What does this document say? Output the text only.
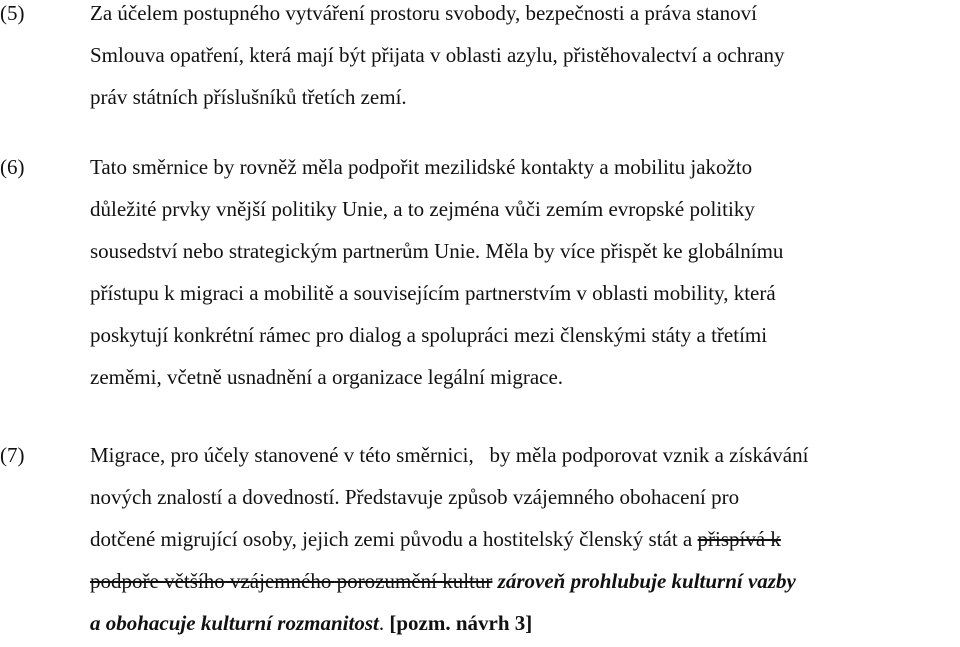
(5)	Za účelem postupného vytváření prostoru svobody, bezpečnosti a práva stanoví
Smlouva opatření, která mají být přijata v oblasti azylu, přistěhovalectví a ochrany
práv státních příslušníků třetích zemí.
(6)	Tato směrnice by rovněž měla podpořit mezilidské kontakty a mobilitu jakožto
důležité prvky vnější politiky Unie, a to zejména vůči zemím evropské politiky
sousedství nebo strategickým partnerům Unie. Měla by více přispět ke globálnímu
přístupu k migraci a mobilitě a souvisejícím partnerstvím v oblasti mobility, která
poskytují konkrétní rámec pro dialog a spolupráci mezi členskými státy a třetími
zeměmi, včetně usnadnění a organizace legální migrace.
(7)	Migrace, pro účely stanovené v této směrnici,   by měla podporovat vznik a získávání
nových znalostí a dovedností. Představuje způsob vzájemného obohacení pro
dotčené migrující osoby, jejich zemi původu a hostitelský členský stát a přispívá k
podpoře většího vzájemného porozumění kultur zároveň prohlubuje kulturní vazby
a obohacuje kulturní rozmanitost. [pozm. návrh 3]
